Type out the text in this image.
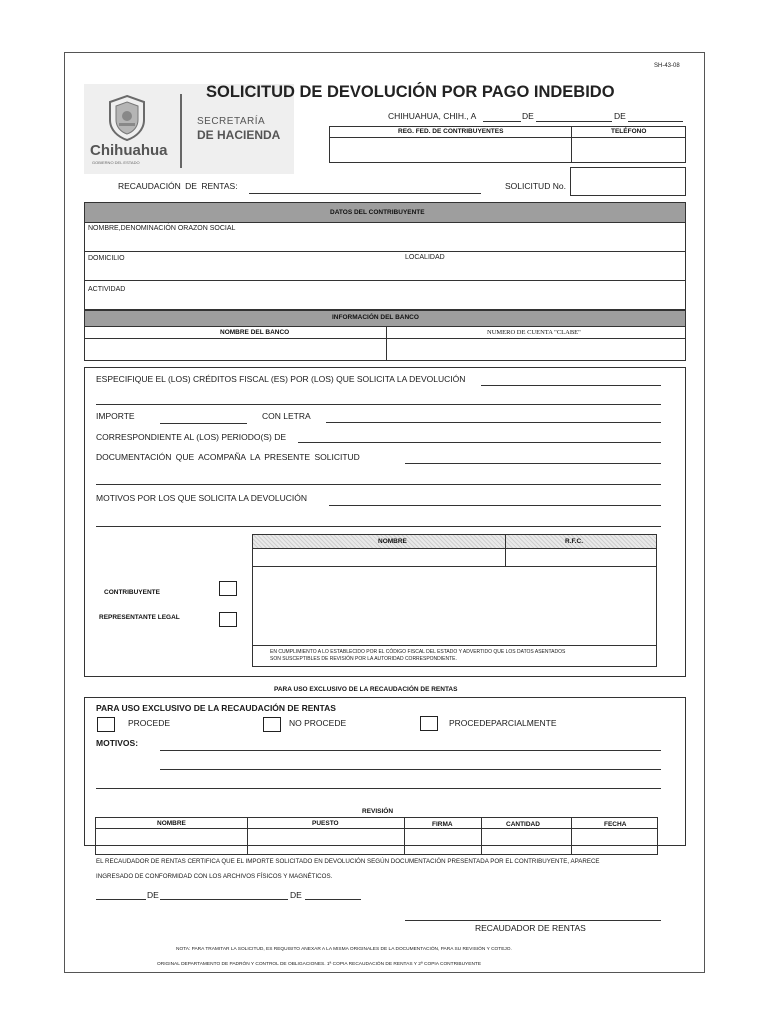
SH-43-08
Chihuahua
GOBIERNO DEL ESTADO
SECRETARÍA
DE HACIENDA
SOLICITUD DE DEVOLUCIÓN POR PAGO INDEBIDO
CHIHUAHUA, CHIH., A	DE	DE
REG. FED. DE CONTRIBUYENTES	TELÉFONO
RECAUDACIÓN DE RENTAS:	SOLICITUD No.
DATOS DEL CONTRIBUYENTE
NOMBRE,DENOMINACIÓN ORAZON SOCIAL
DOMICILIO	LOCALIDAD
ACTIVIDAD
INFORMACIÓN DEL BANCO
NOMBRE DEL BANCO	NUMERO DE CUENTA "CLABE"
ESPECIFIQUE EL (LOS) CRÉDITOS FISCAL (ES) POR (LOS) QUE SOLICITA LA DEVOLUCIÓN
IMPORTE	CON LETRA
CORRESPONDIENTE AL (LOS) PERIODO(S) DE
DOCUMENTACIÓN QUE ACOMPAÑA LA PRESENTE SOLICITUD
MOTIVOS POR LOS QUE SOLICITA LA DEVOLUCIÓN
NOMBRE	R.F.C.
EN CUMPLIMIENTO A LO ESTABLECIDO POR EL CÓDIGO FISCAL DEL ESTADO Y ADVERTIDO QUE LOS DATOS ASENTADOS
SON SUSCEPTIBLES DE REVISIÓN POR LA AUTORIDAD CORRESPONDIENTE.
CONTRIBUYENTE
REPRESENTANTE LEGAL
PARA USO EXCLUSIVO DE LA RECAUDACIÓN DE RENTAS
PARA USO EXCLUSIVO DE LA RECAUDACIÓN DE RENTAS
PROCEDE	NO PROCEDE	PROCEDEPARCIALMENTE
MOTIVOS:
REVISIÓN
NOMBRE	PUESTO	FIRMA	CANTIDAD	FECHA
EL RECAUDADOR DE RENTAS CERTIFICA QUE EL IMPORTE SOLICITADO EN DEVOLUCIÓN SEGÚN DOCUMENTACIÓN PRESENTADA POR EL CONTRIBUYENTE, APARECE
INGRESADO DE CONFORMIDAD CON LOS ARCHIVOS FÍSICOS Y MAGNÉTICOS.
DE	DE
RECAUDADOR DE RENTAS
NOTA: PARA TRAMITAR LA SOLICITUD, ES REQUISITO ANEXAR A LA MISMA ORIGINALES DE LA DOCUMENTACIÓN, PARA SU REVISIÓN Y COTEJO.
ORIGINAL DEPARTAMENTO DE PADRÓN Y CONTROL DE OBLIGACIONES. 1ª COPIA RECAUDACIÓN DE RENTAS Y 2ª COPIA CONTRIBUYENTE
